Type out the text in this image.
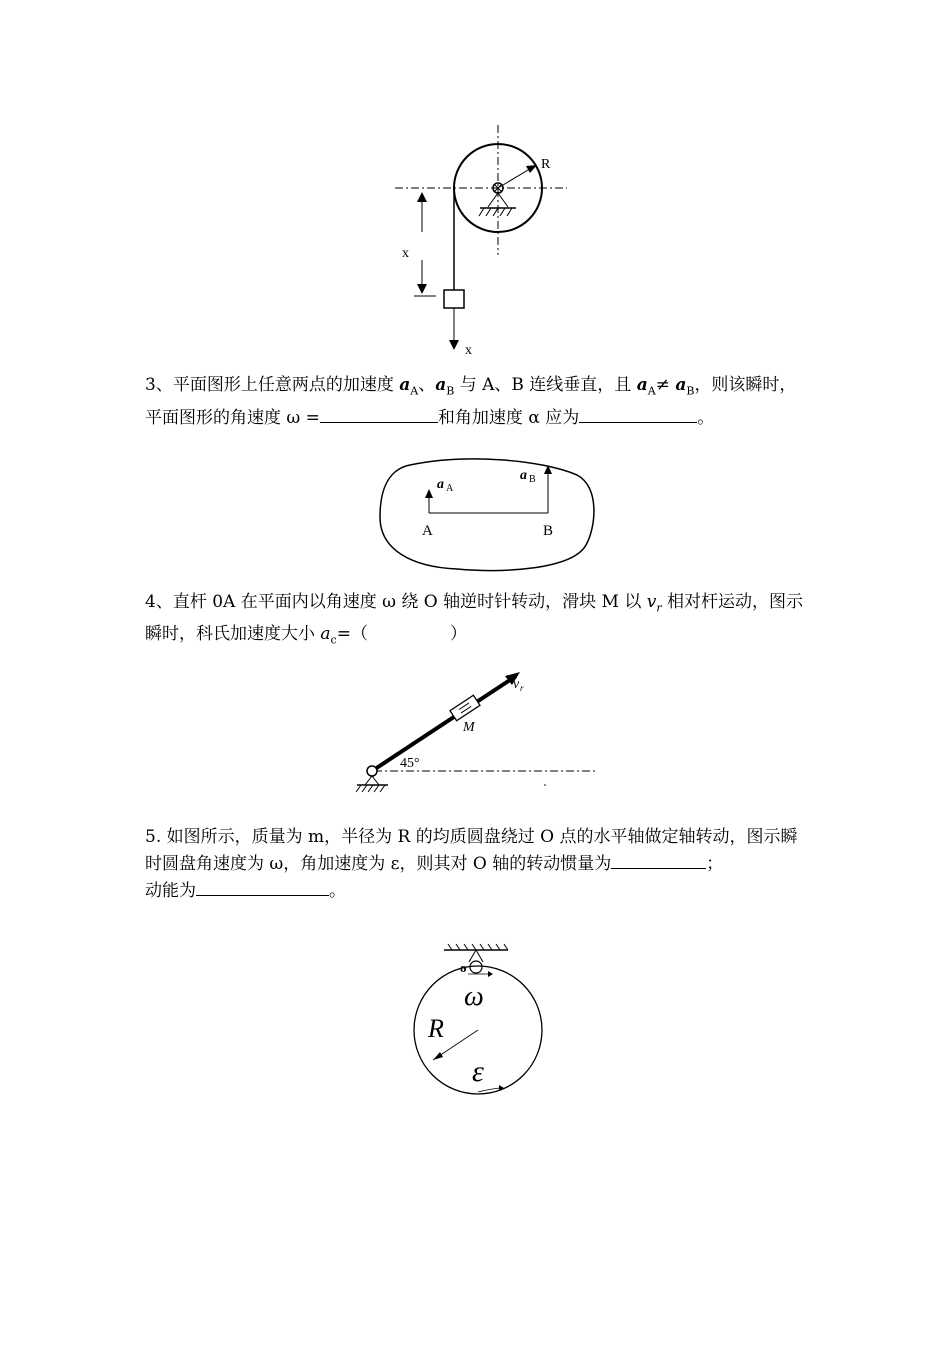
R
x
x
3、平面图形上任意两点的加速度 $a_A$、$a_B$ 与 A、B 连线垂直，且 $a_A\ne a_B$，则该瞬时，平面图形的角速度 ω =	和角加速度 α 应为	。
a A
a B
A	B
4、直杆 0A 在平面内以角速度 ω 绕 O 轴逆时针转动，滑块 M 以 $v_r$ 相对杆运动，图示瞬时，科氏加速度大小 $a_c=$（	）
M
v r
45°
5. 如图所示，质量为 m，半径为 R 的均质圆盘绕过 O 点的水平轴做定轴转动，图示瞬时圆盘角速度为 ω，角加速度为 ε，则其对 O 轴的转动惯量为	；
动能为	。
o
ω
R
ε
